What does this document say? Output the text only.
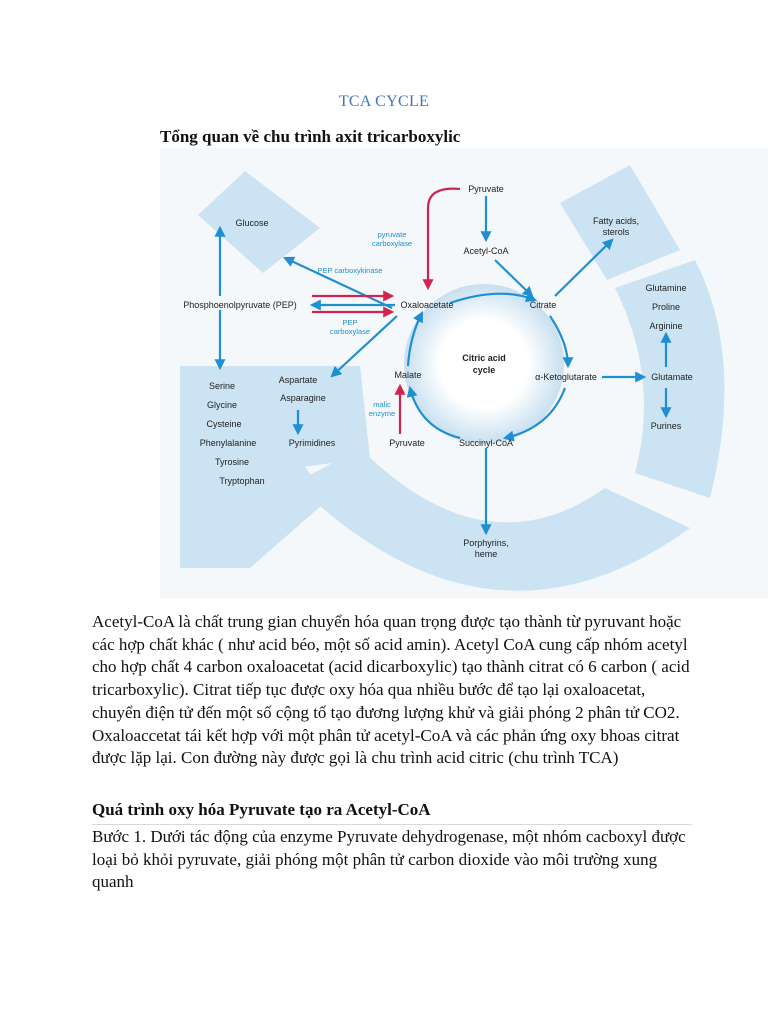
TCA CYCLE
Tổng quan về chu trình axit tricarboxylic
Citric acid
cycle
Pyruvate
Acetyl-CoA
Citrate
α-Ketoglutarate
Succinyl-CoA
Pyruvate
Malate
Oxaloacetate
Phosphoenolpyruvate (PEP)
pyruvate
carboxylase
PEP carboxykinase
PEP
carboxylase
malic
enzyme
Glucose	Fatty acids,
sterols
Glutamine
Proline
Arginine
Glutamate
Purines
Serine
Glycine
Cysteine
Phenylalanine
Tyrosine
Tryptophan
Aspartate
Asparagine
Pyrimidines
Porphyrins,
heme

Acetyl-CoA là chất trung gian chuyển hóa quan trọng được tạo thành từ pyruvant hoặc các hợp chất khác ( như acid béo, một số acid amin). Acetyl CoA cung cấp nhóm acetyl cho hợp chất 4 carbon oxaloacetat (acid dicarboxylic) tạo thành citrat có 6 carbon ( acid tricarboxylic). Citrat tiếp tục được oxy hóa qua nhiều bước để tạo lại oxaloacetat, chuyển điện tử đến một số cộng tố tạo đương lượng khử và giải phóng 2 phân tử CO2. Oxaloaccetat tái kết hợp với một phân tử acetyl-CoA và các phản ứng oxy bhoas citrat được lặp lại. Con đường này được gọi là chu trình acid citric (chu trình TCA)

Quá trình oxy hóa Pyruvate tạo ra Acetyl-CoA

Bước 1. Dưới tác động của enzyme Pyruvate dehydrogenase, một nhóm cacboxyl được loại bỏ khỏi pyruvate, giải phóng một phân tử carbon dioxide vào môi trường xung quanh
